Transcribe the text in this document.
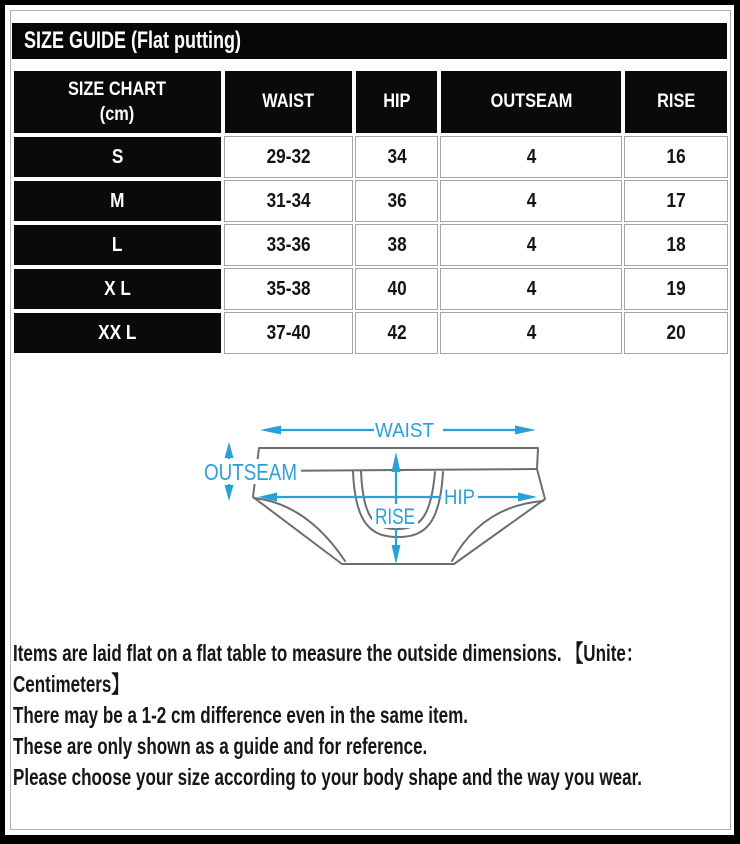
SIZE GUIDE (Flat putting)
SIZE CHART
(cm)	WAIST	HIP	OUTSEAM	RISE
S	29-32	34	4	16
M	31-34	36	4	17
L	33-36	38	4	18
X L	35-38	40	4	19
XX L	37-40	42	4	20
WAIST
OUTSEAM
HIP
RISE
Items are laid flat on a flat table to measure the outside dimensions. 【Unite：
Centimeters】
There may be a 1-2 cm difference even in the same item.
These are only shown as a guide and for reference.
Please choose your size according to your body shape and the way you wear.
